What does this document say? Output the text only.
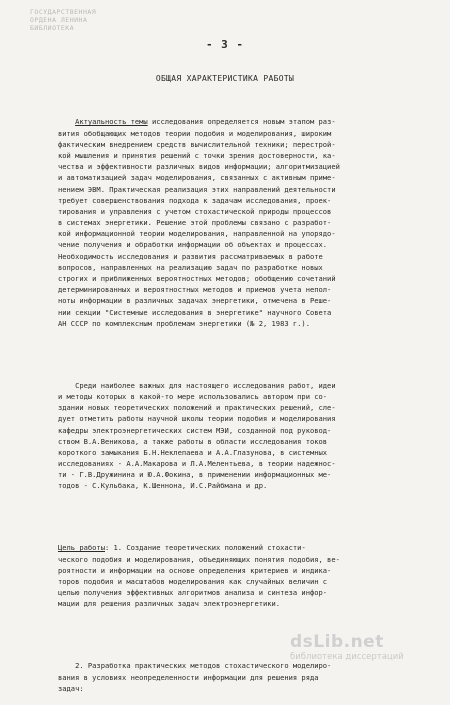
ГОСУДАРСТВЕННАЯ
ОРДЕНА ЛЕНИНА
БИБЛИОТЕКА
- 3 -
ОБЩАЯ ХАРАКТЕРИСТИКА РАБОТЫ

Актуальность темы исследования определяется новым этапом раз-
вития обобщающих методов теории подобия и моделирования, широким
фактическим внедрением средств вычислительной техники; перестрой-
кой мышления и принятия решений с точки зрения достоверности, ка-
чества и эффективности различных видов информации; алгоритмизацией
и автоматизацией задач моделирования, связанных с активным приме-
нением ЭВМ. Практическая реализация этих направлений деятельности
требует совершенствования подхода к задачам исследования, проек-
тирования и управления с учетом стохастической природы процессов
в системах энергетики. Решение этой проблемы связано с разработ-
кой информационной теории моделирования, направленной на упорядо-
чение получения и обработки информации об объектах и процессах.
Необходимость исследования и развития рассматриваемых в работе
вопросов, направленных на реализацию задач по разработке новых
строгих и приближенных вероятностных методов; обобщению сочетаний
детерминированных и вероятностных методов и приемов учета непол-
ноты информации в различных задачах энергетики, отмечена в Реше-
нии секции "Системные исследования в энергетике" научного Совета
АН СССР по комплексным проблемам энергетики (№ 2, 1983 г.).

Среди наиболее важных для настоящего исследования работ, идеи
и методы которых в какой-то мере использовались автором при со-
здании новых теоретических положений и практических решений, сле-
дует отметить работы научной школы теории подобия и моделирования
кафедры электроэнергетических систем МЭИ, созданной под руковод-
ством В.А.Веникова, а также работы в области исследования токов
короткого замыкания Б.Н.Неклепаева и А.А.Глазунова, в системных
исследованиях - А.А.Макарова и Л.А.Мелентьева, в теории надежнос-
ти - Г.В.Дружинина и Ю.А.Фокина, в применении информационных ме-
тодов - С.Кульбака, К.Шеннона, И.С.Райбмана и др.

Цель работы: 1. Создание теоретических положений стохасти-
ческого подобия и моделирования, объединяющих понятия подобия, ве-
роятности и информации на основе определения критериев и индика-
торов подобия и масштабов моделирования как случайных величин с
целью получения эффективных алгоритмов анализа и синтеза инфор-
мации для решения различных задач электроэнергетики.

2. Разработка практических методов стохастического моделиро-
вания в условиях неопределенности информации для решения ряда
задач:

dsLib.net
библиотека диссертаций
